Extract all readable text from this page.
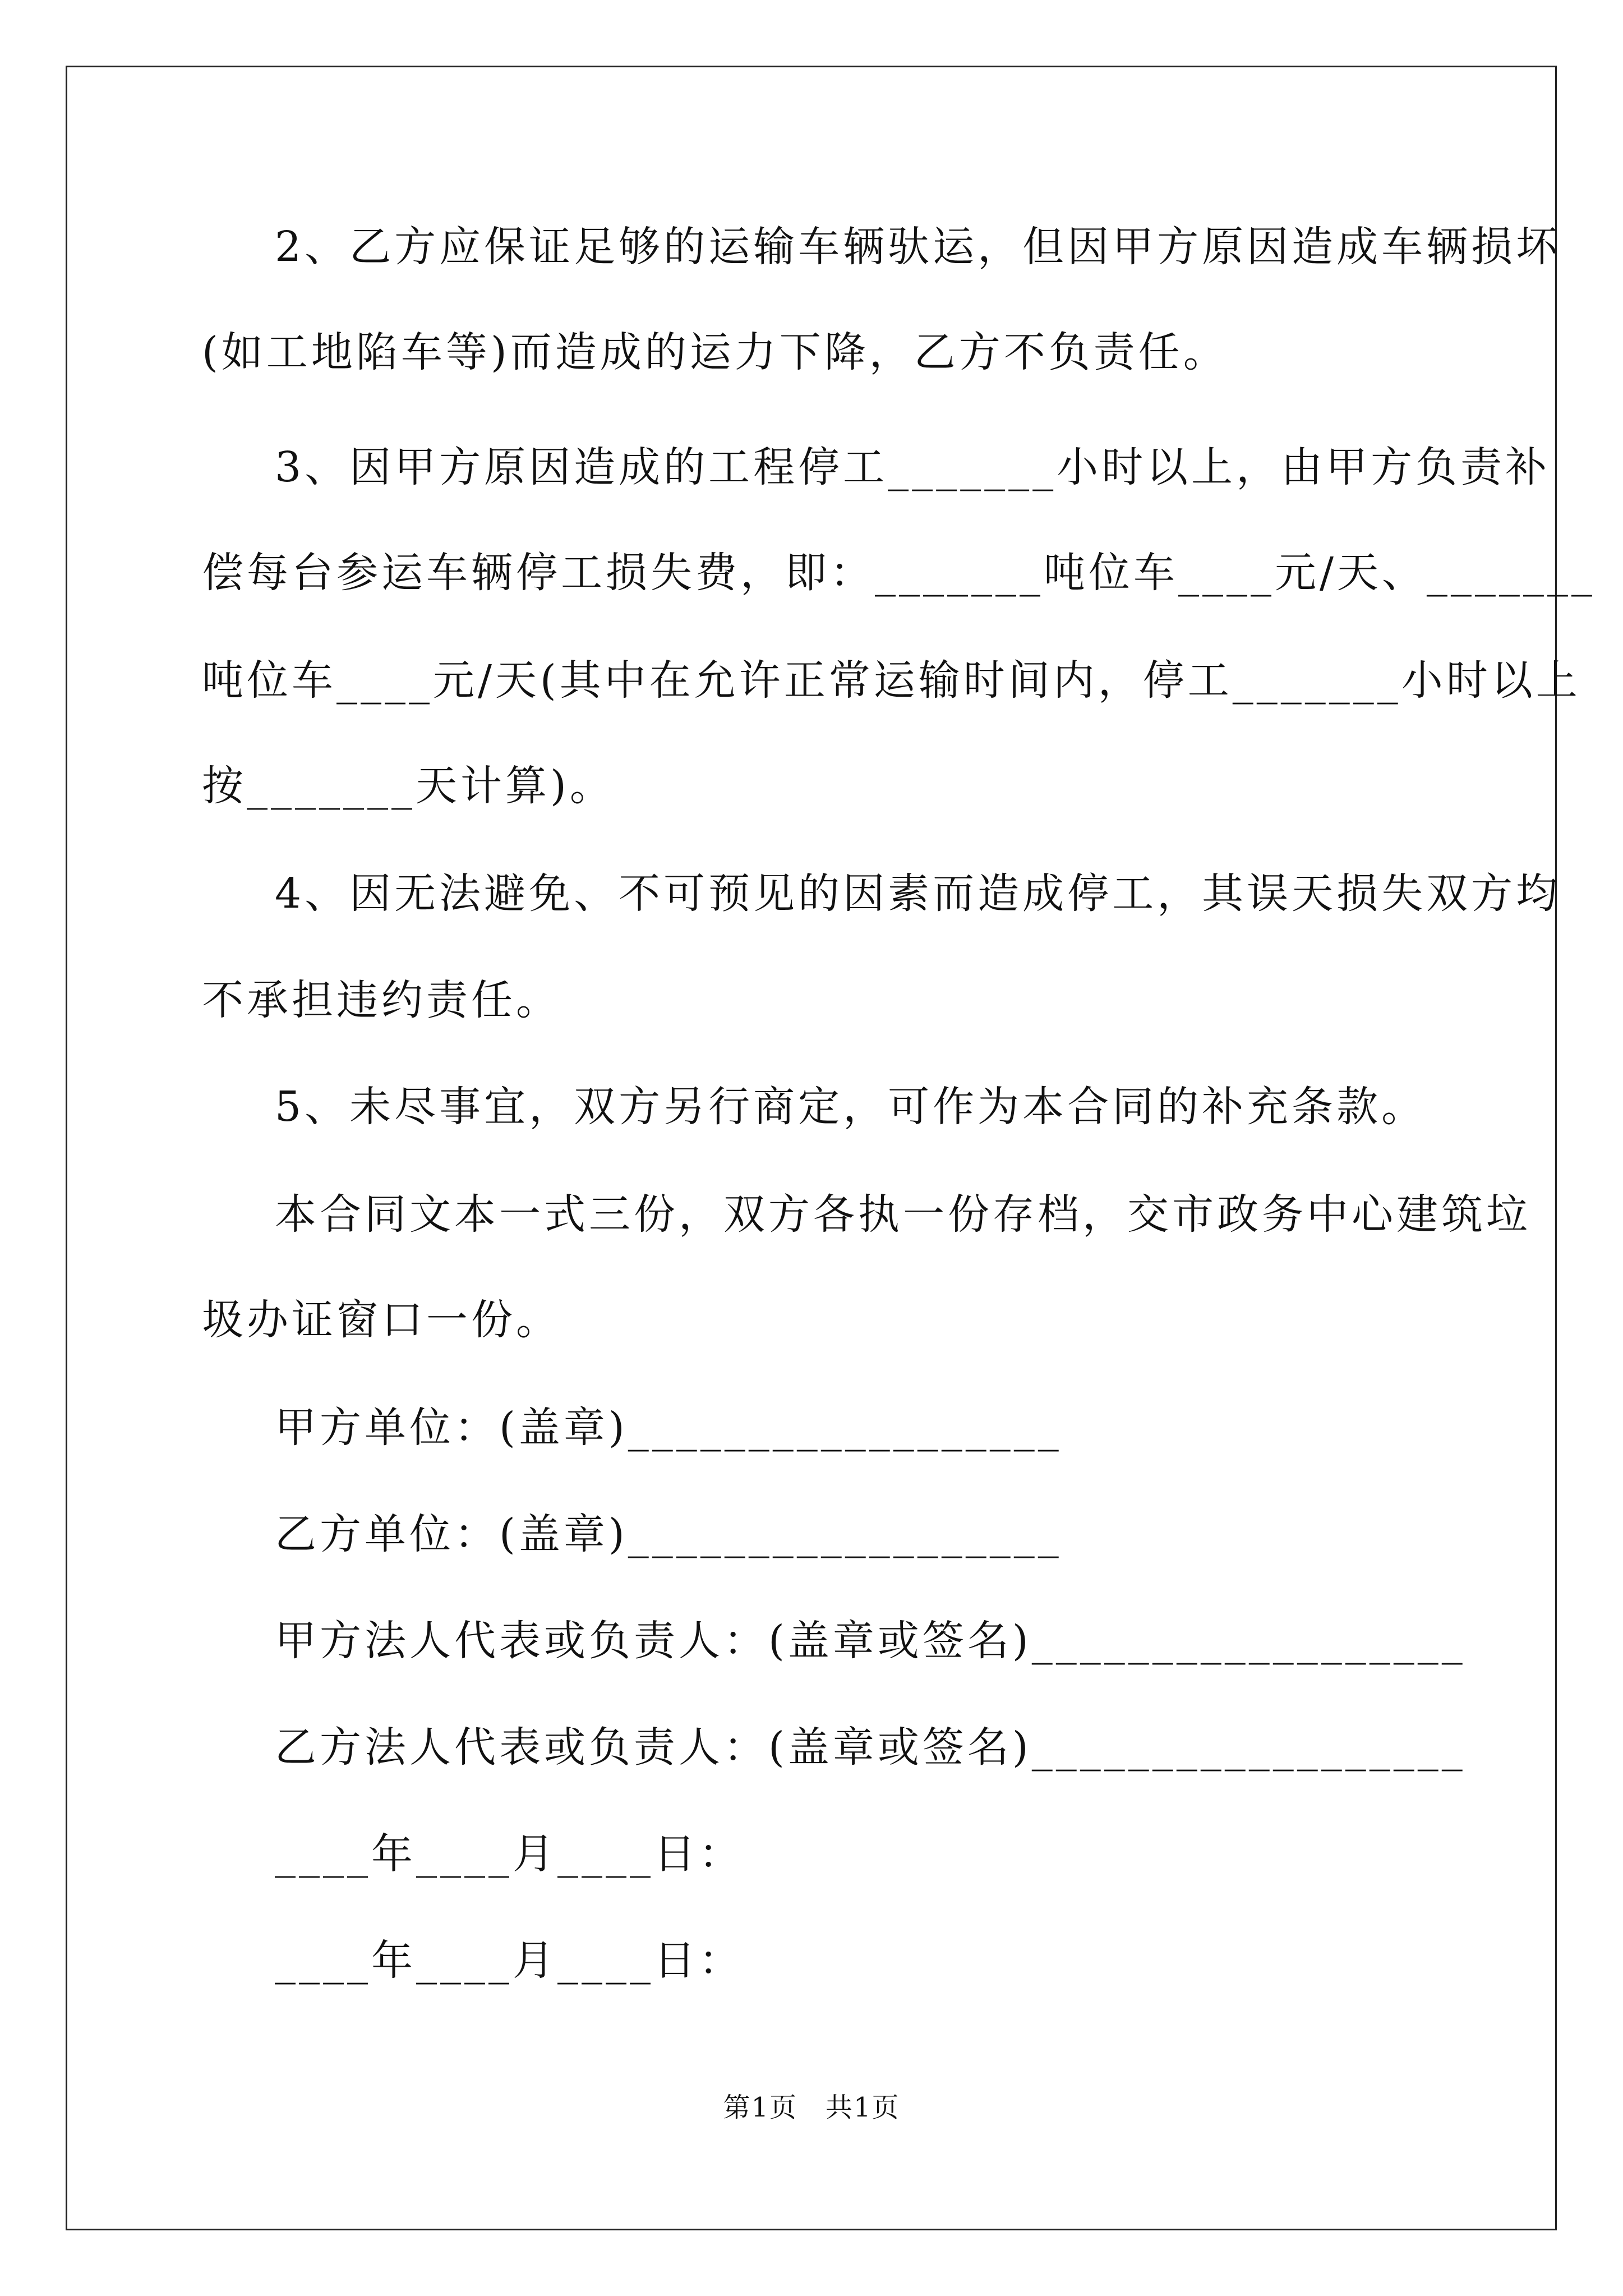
2、乙方应保证足够的运输车辆驮运，但因甲方原因造成车辆损坏
(如工地陷车等)而造成的运力下降，乙方不负责任。
3、因甲方原因造成的工程停工_______小时以上，由甲方负责补
偿每台参运车辆停工损失费，即：_______吨位车____元/天、_______
吨位车____元/天(其中在允许正常运输时间内，停工_______小时以上
按_______天计算)。
4、因无法避免、不可预见的因素而造成停工，其误天损失双方均
不承担违约责任。
5、未尽事宜，双方另行商定，可作为本合同的补充条款。
本合同文本一式三份，双方各执一份存档，交市政务中心建筑垃
圾办证窗口一份。
甲方单位：(盖章)__________________
乙方单位：(盖章)__________________
甲方法人代表或负责人：(盖章或签名)__________________
乙方法人代表或负责人：(盖章或签名)__________________
____年____月____日：
____年____月____日：
第1页　共1页
